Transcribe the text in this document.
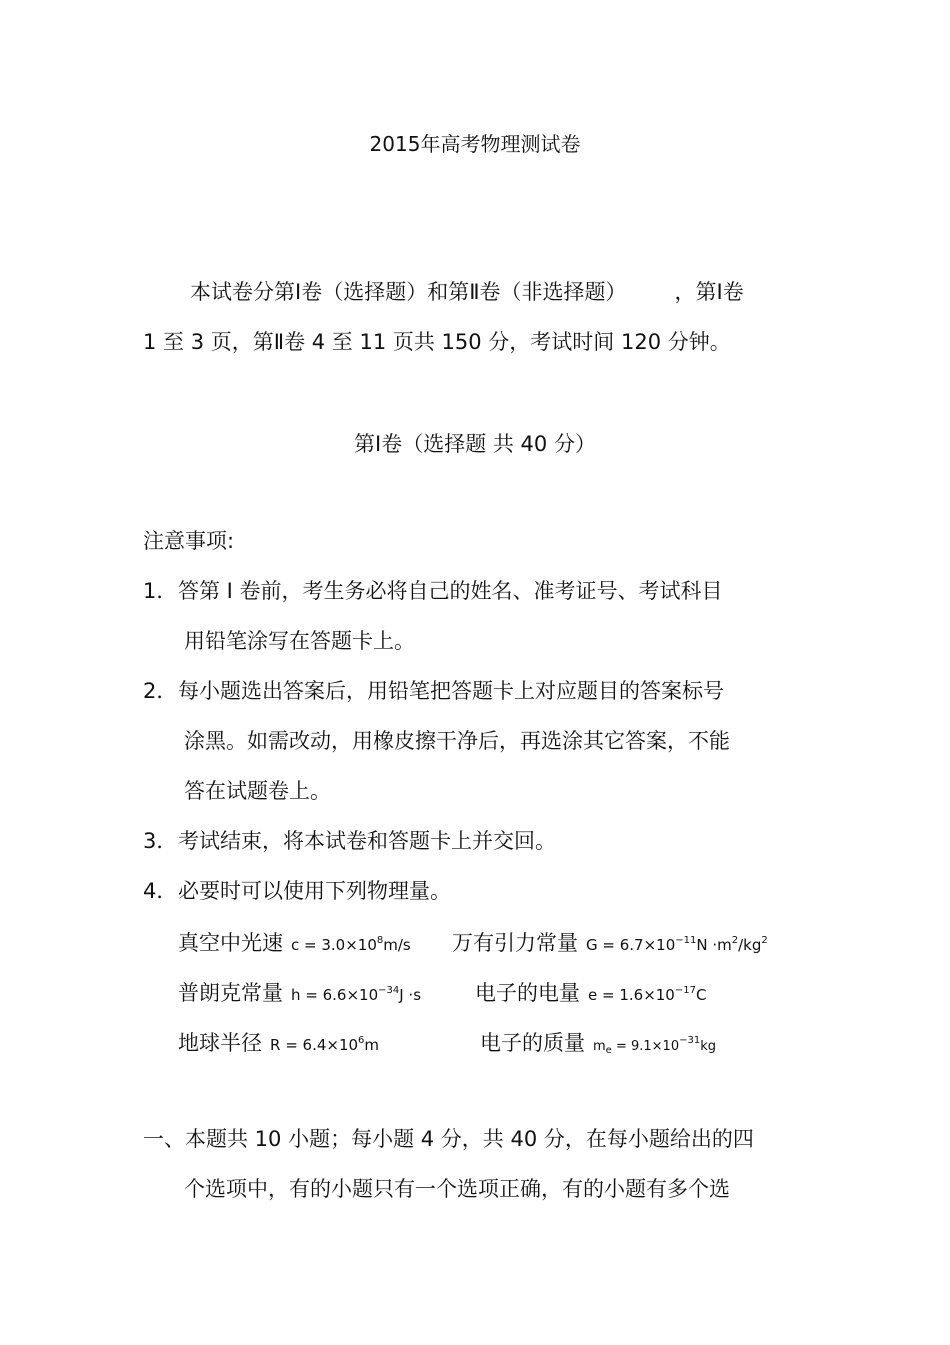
2015年高考物理测试卷
本试卷分第Ⅰ卷（选择题）和第Ⅱ卷（非选择题） ，第Ⅰ卷
1 至 3 页，第Ⅱ卷 4 至 11 页共 150 分，考试时间 120 分钟。
第Ⅰ卷（选择题 共 40 分）
注意事项:
1．答第 Ⅰ 卷前，考生务必将自己的姓名、准考证号、考试科目
用铅笔涂写在答题卡上。
2．每小题选出答案后，用铅笔把答题卡上对应题目的答案标号
涂黑。如需改动，用橡皮擦干净后，再选涂其它答案，不能
答在试题卷上。
3．考试结束，将本试卷和答题卡上并交回。
4．必要时可以使用下列物理量。
真空中光速 $c = 3.0\times 10^8m/s$ 万有引力常量 $G = 6.7\times 10^{-11}N \cdot m^2/kg^2$
普朗克常量 $h = 6.6\times 10^{-34}J \cdot s$	电子的电量 $e = 1.6\times 10^{-17}C$
地球半径 $R = 6.4\times 10^6m$	电子的质量 $m_e = 9.1\times 10^{-31}kg$
一、本题共 10 小题；每小题 4 分，共 40 分，在每小题给出的四
个选项中，有的小题只有一个选项正确，有的小题有多个选
